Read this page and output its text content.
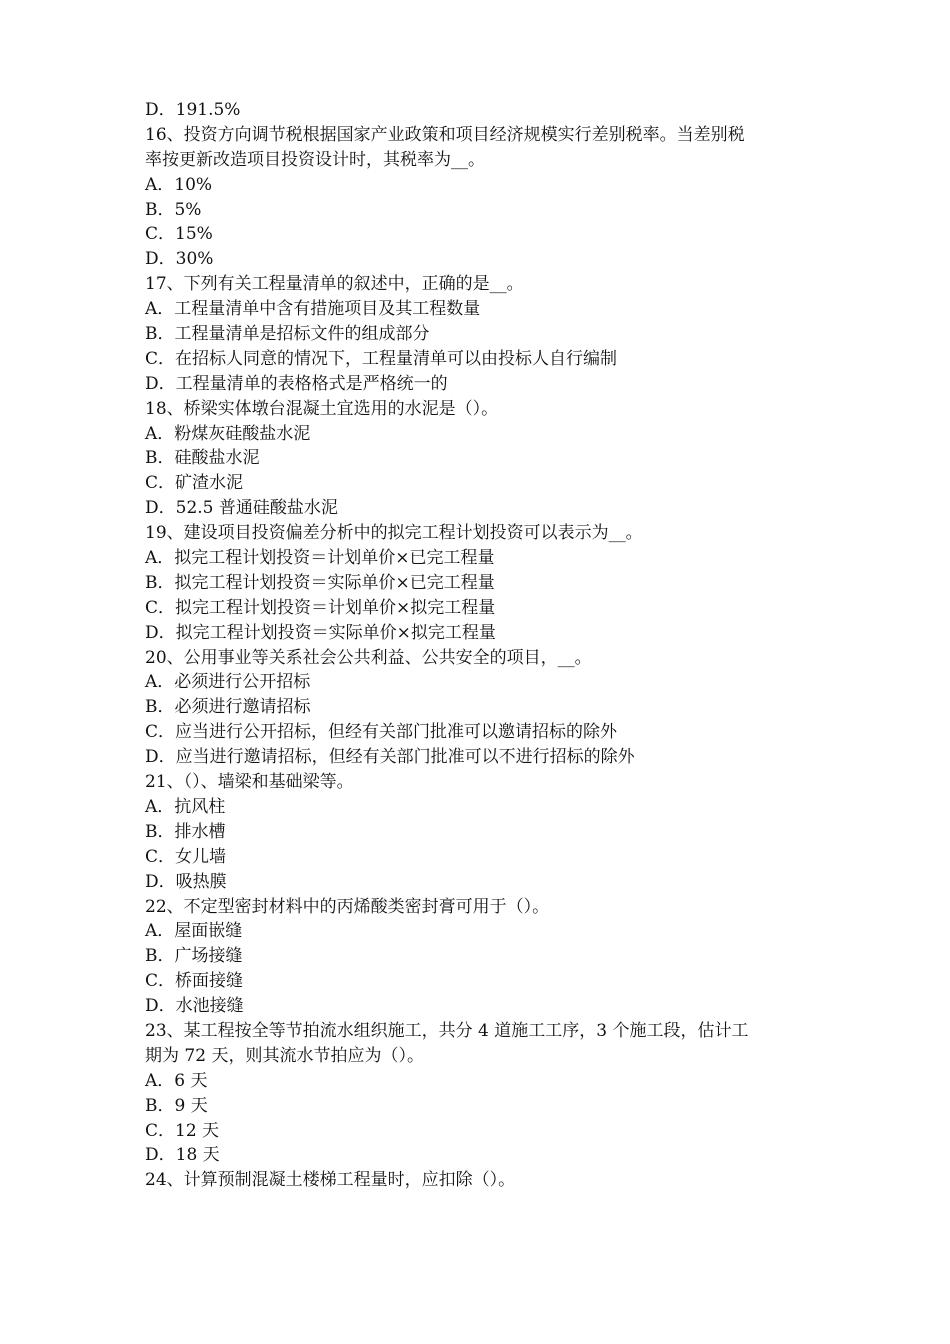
D．191.5%
16、投资方向调节税根据国家产业政策和项目经济规模实行差别税率。当差别税
率按更新改造项目投资设计时，其税率为__。
A．10%
B．5%
C．15%
D．30%
17、下列有关工程量清单的叙述中，正确的是__。
A．工程量清单中含有措施项目及其工程数量
B．工程量清单是招标文件的组成部分
C．在招标人同意的情况下，工程量清单可以由投标人自行编制
D．工程量清单的表格格式是严格统一的
18、桥梁实体墩台混凝土宜选用的水泥是（）。
A．粉煤灰硅酸盐水泥
B．硅酸盐水泥
C．矿渣水泥
D．52.5 普通硅酸盐水泥
19、建设项目投资偏差分析中的拟完工程计划投资可以表示为__。
A．拟完工程计划投资＝计划单价×已完工程量
B．拟完工程计划投资＝实际单价×已完工程量
C．拟完工程计划投资＝计划单价×拟完工程量
D．拟完工程计划投资＝实际单价×拟完工程量
20、公用事业等关系社会公共利益、公共安全的项目，__。
A．必须进行公开招标
B．必须进行邀请招标
C．应当进行公开招标，但经有关部门批准可以邀请招标的除外
D．应当进行邀请招标，但经有关部门批准可以不进行招标的除外
21、（）、墙梁和基础梁等。
A．抗风柱
B．排水槽
C．女儿墙
D．吸热膜
22、不定型密封材料中的丙烯酸类密封膏可用于（）。
A．屋面嵌缝
B．广场接缝
C．桥面接缝
D．水池接缝
23、某工程按全等节拍流水组织施工，共分 4 道施工工序，3 个施工段，估计工
期为 72 天，则其流水节拍应为（）。
A．6 天
B．9 天
C．12 天
D．18 天
24、计算预制混凝土楼梯工程量时，应扣除（）。
